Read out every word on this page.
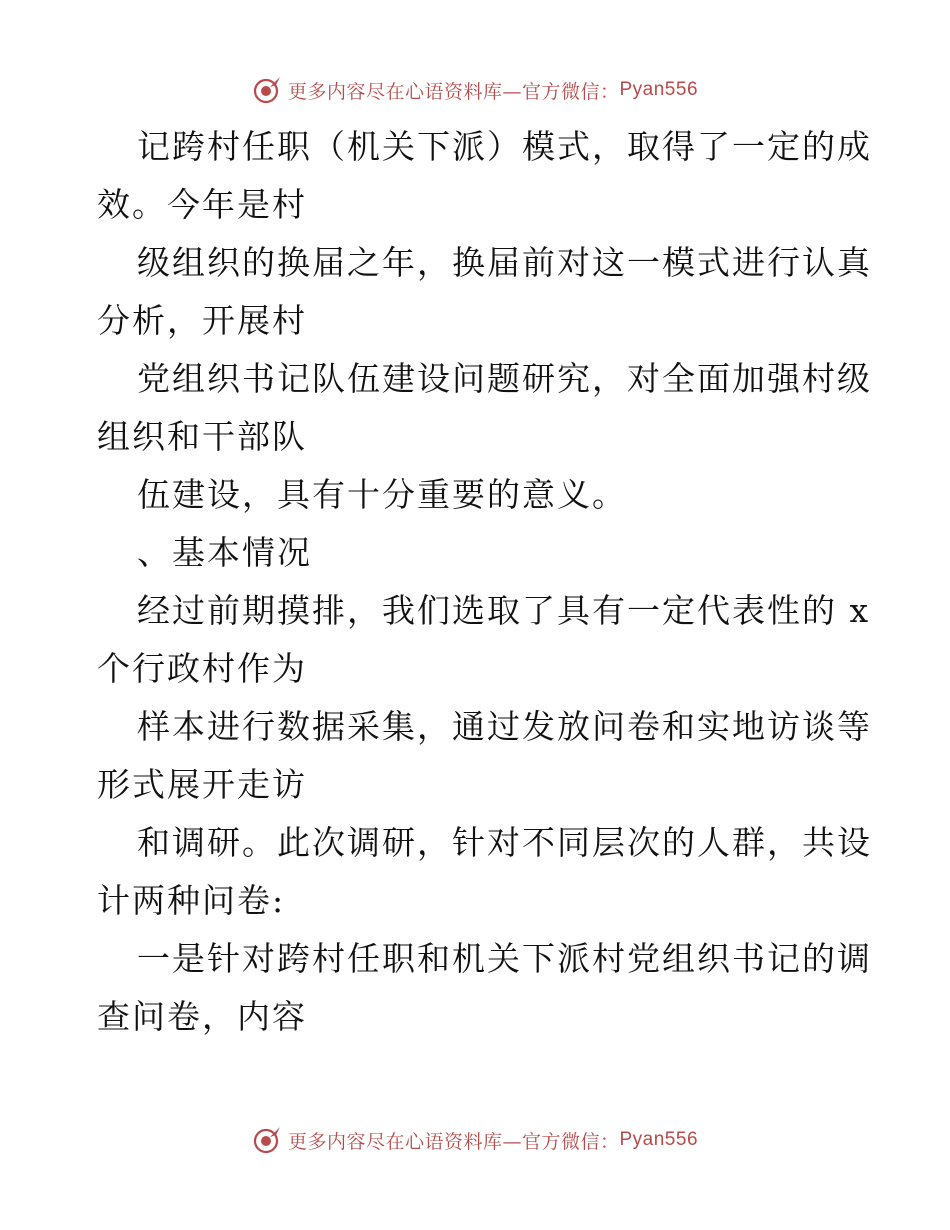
更多内容尽在心语资料库—官方微信： Pyan556
记跨村任职（机关下派）模式，取得了一定的成
效。今年是村
级组织的换届之年，换届前对这一模式进行认真
分析，开展村
党组织书记队伍建设问题研究，对全面加强村级
组织和干部队
伍建设，具有十分重要的意义。
、基本情况
经过前期摸排，我们选取了具有一定代表性的 x
个行政村作为
样本进行数据采集，通过发放问卷和实地访谈等
形式展开走访
和调研。此次调研，针对不同层次的人群，共设
计两种问卷:
一是针对跨村任职和机关下派村党组织书记的调
查问卷，内容
更多内容尽在心语资料库—官方微信： Pyan556
